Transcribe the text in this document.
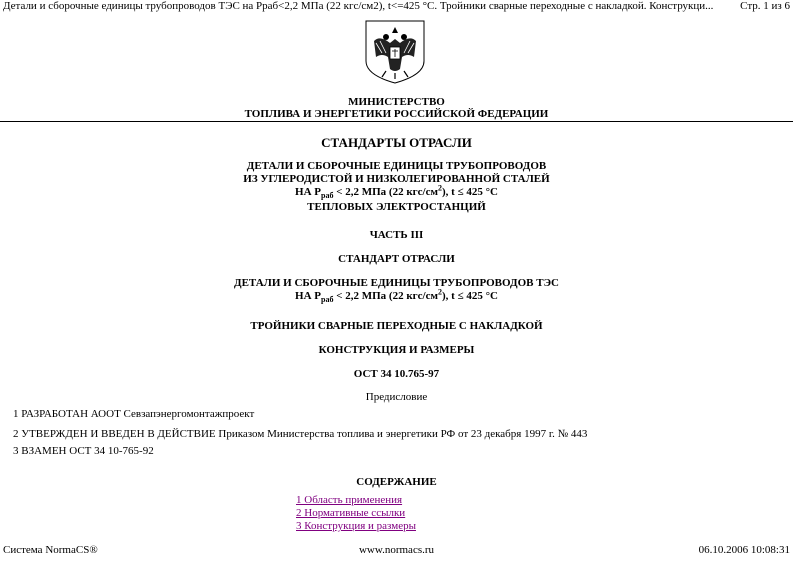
Детали и сборочные единицы трубопроводов ТЭС на Рраб<2,2 МПа (22 кгс/см2), t<=425 °С. Тройники сварные переходные с накладкой. Конструкци... Стр. 1 из 6
МИНИСТЕРСТВО
ТОПЛИВА И ЭНЕРГЕТИКИ РОССИЙСКОЙ ФЕДЕРАЦИИ
СТАНДАРТЫ ОТРАСЛИ
ДЕТАЛИ И СБОРОЧНЫЕ ЕДИНИЦЫ ТРУБОПРОВОДОВ
ИЗ УГЛЕРОДИСТОЙ И НИЗКОЛЕГИРОВАННОЙ СТАЛЕЙ
НА $Р_{раб} < 2,2$ МПа (22 кгс/$см^2$), t ≤ 425 °С
ТЕПЛОВЫХ ЭЛЕКТРОСТАНЦИЙ
ЧАСТЬ III
СТАНДАРТ ОТРАСЛИ
ДЕТАЛИ И СБОРОЧНЫЕ ЕДИНИЦЫ ТРУБОПРОВОДОВ ТЭС
НА $Р_{раб} < 2,2$ МПа (22 кгс/$см^2$), t ≤ 425 °С
ТРОЙНИКИ СВАРНЫЕ ПЕРЕХОДНЫЕ С НАКЛАДКОЙ
КОНСТРУКЦИЯ И РАЗМЕРЫ
ОСТ 34 10.765-97
Предисловие
1 РАЗРАБОТАН АООТ Севзапэнергомонтажпроект
2 УТВЕРЖДЕН И ВВЕДЕН В ДЕЙСТВИЕ Приказом Министерства топлива и энергетики РФ от 23 декабря 1997 г. № 443
3 ВЗАМЕН ОСТ 34 10-765-92
СОДЕРЖАНИЕ
1 Область применения
2 Нормативные ссылки
3 Конструкция и размеры
Система NormaCS®	www.normacs.ru	06.10.2006 10:08:31
